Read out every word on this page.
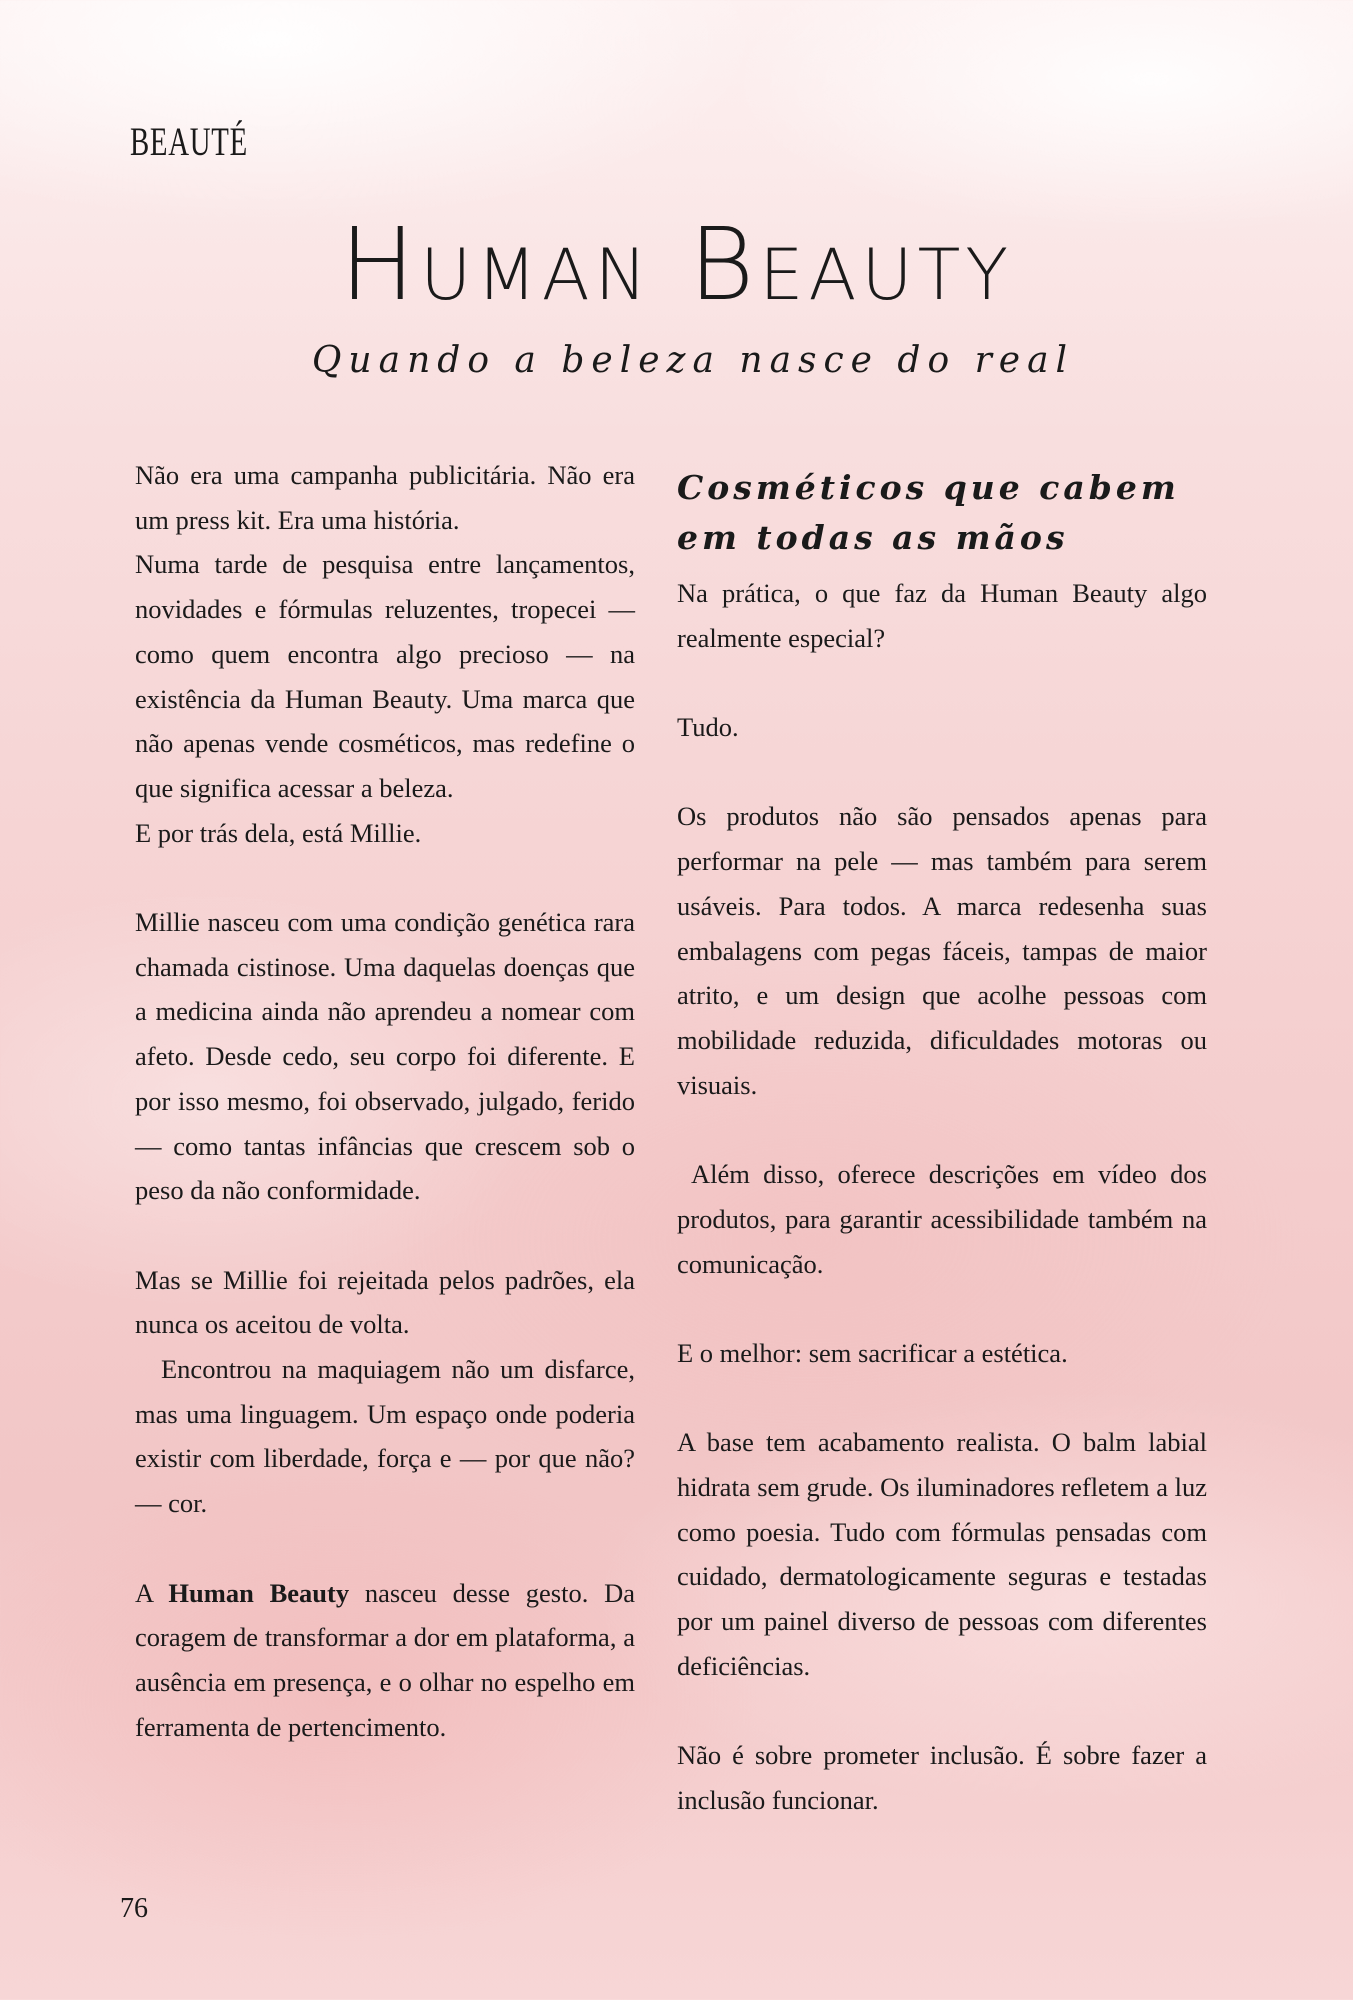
BEAUTÉ
Human Beauty
Quando a beleza nasce do real

Não era uma campanha publicitária. Não era um press kit. Era uma história.

Numa tarde de pesquisa entre lançamentos, novidades e fórmulas reluzentes, tropecei — como quem encontra algo precioso — na existência da Human Beauty. Uma marca que não apenas vende cosméticos, mas redefine o que significa acessar a beleza.

E por trás dela, está Millie.

Millie nasceu com uma condição genética rara chamada cistinose. Uma daquelas doenças que a medicina ainda não aprendeu a nomear com afeto. Desde cedo, seu corpo foi diferente. E por isso mesmo, foi observado, julgado, ferido — como tantas infâncias que crescem sob o peso da não conformidade.

Mas se Millie foi rejeitada pelos padrões, ela nunca os aceitou de volta.

Encontrou na maquiagem não um disfarce, mas uma linguagem. Um espaço onde poderia existir com liberdade, força e — por que não? — cor.

A Human Beauty nasceu desse gesto. Da coragem de transformar a dor em plataforma, a ausência em presença, e o olhar no espelho em ferramenta de pertencimento.

Cosméticos que cabem em todas as mãos

Na prática, o que faz da Human Beauty algo realmente especial?

Tudo.

Os produtos não são pensados apenas para performar na pele — mas também para serem usáveis. Para todos. A marca redesenha suas embalagens com pegas fáceis, tampas de maior atrito, e um design que acolhe pessoas com mobilidade reduzida, dificuldades motoras ou visuais.

Além disso, oferece descrições em vídeo dos produtos, para garantir acessibilidade também na comunicação.

E o melhor: sem sacrificar a estética.

A base tem acabamento realista. O balm labial hidrata sem grude. Os iluminadores refletem a luz como poesia. Tudo com fórmulas pensadas com cuidado, dermatologicamente seguras e testadas por um painel diverso de pessoas com diferentes deficiências.

Não é sobre prometer inclusão. É sobre fazer a inclusão funcionar.

76
